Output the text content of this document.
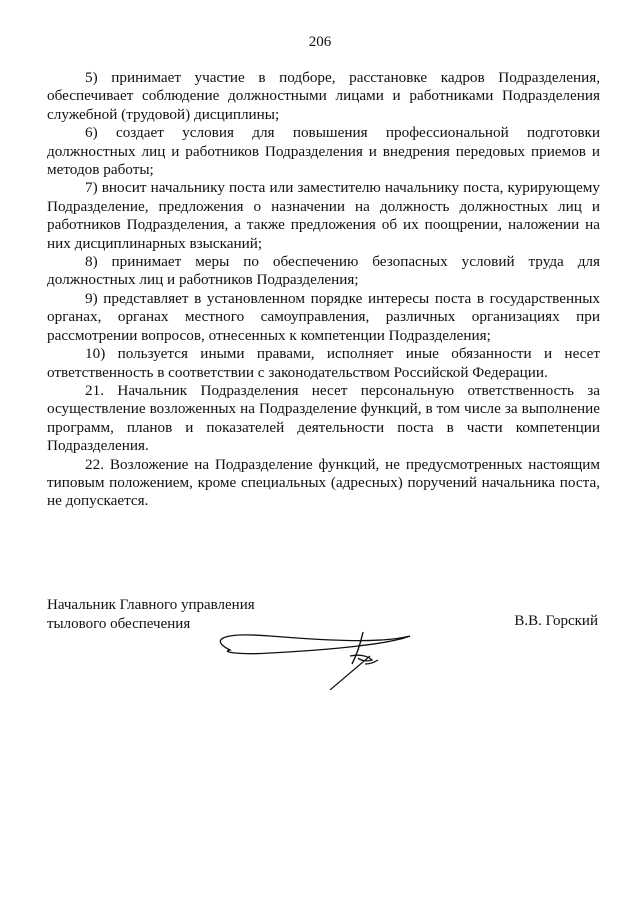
206

5) принимает участие в подборе, расстановке кадров Подразделения, обеспечивает соблюдение должностными лицами и работниками Подразделения служебной (трудовой) дисциплины;

6) создает условия для повышения профессиональной подготовки должностных лиц и работников Подразделения и внедрения передовых приемов и методов работы;

7) вносит начальнику поста или заместителю начальнику поста, курирующему Подразделение, предложения о назначении на должность должностных лиц и работников Подразделения, а также предложения об их поощрении, наложении на них дисциплинарных взысканий;

8) принимает меры по обеспечению безопасных условий труда для должностных лиц и работников Подразделения;

9) представляет в установленном порядке интересы поста в государственных органах, органах местного самоуправления, различных организациях при рассмотрении вопросов, отнесенных к компетенции Подразделения;

10) пользуется иными правами, исполняет иные обязанности и несет ответственность в соответствии с законодательством Российской Федерации.

21. Начальник Подразделения несет персональную ответственность за осуществление возложенных на Подразделение функций, в том числе за выполнение программ, планов и показателей деятельности поста в части компетенции Подразделения.

22. Возложение на Подразделение функций, не предусмотренных настоящим типовым положением, кроме специальных (адресных) поручений начальника поста, не допускается.

Начальник Главного управления
тылового обеспечения	В.В. Горский
